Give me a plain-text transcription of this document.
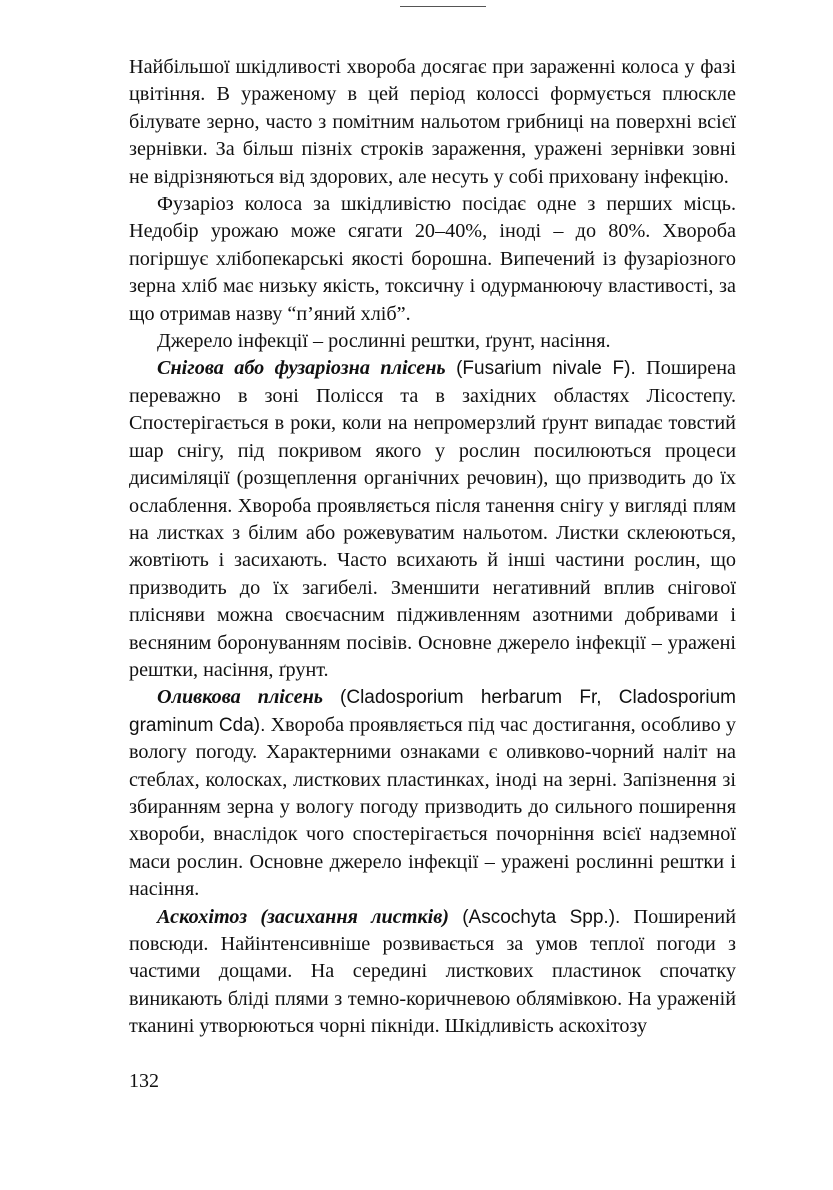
Найбільшої шкідливості хвороба досягає при зараженні колоса у фазі цвітіння. В ураженому в цей період колоссі формується плюскле білувате зерно, часто з помітним нальотом грибниці на поверхні всієї зернівки. За більш пізніх строків зараження, уражені зернівки зовні не відрізняються від здорових, але несуть у собі приховану інфекцію.

Фузаріоз колоса за шкідливістю посідає одне з перших місць. Недобір урожаю може сягати 20–40%, іноді – до 80%. Хвороба погіршує хлібопекарські якості борошна. Випечений із фузаріозного зерна хліб має низьку якість, токсичну і одурманюючу властивості, за що отримав назву “п’яний хліб”.

Джерело інфекції – рослинні рештки, ґрунт, насіння.

Снігова або фузаріозна плісень (Fusarium nivale F). Поширена переважно в зоні Полісся та в західних областях Лісостепу. Спостерігається в роки, коли на непромерзлий ґрунт випадає товстий шар снігу, під покривом якого у рослин посилюються процеси дисиміляції (розщеплення органічних речовин), що призводить до їх ослаблення. Хвороба проявляється після танення снігу у вигляді плям на листках з білим або рожевуватим нальотом. Листки склеюються, жовтіють і засихають. Часто всихають й інші частини рослин, що призводить до їх загибелі. Зменшити негативний вплив снігової плісняви можна своєчасним підживленням азотними добривами і весняним боронуванням посівів. Основне джерело інфекції – уражені рештки, насіння, ґрунт.

Оливкова плісень (Cladosporium herbarum Fr, Cladosporium graminum Cda). Хвороба проявляється під час достигання, особливо у вологу погоду. Характерними ознаками є оливково-чорний наліт на стеблах, колосках, листкових пластинках, іноді на зерні. Запізнення зі збиранням зерна у вологу погоду призводить до сильного поширення хвороби, внаслідок чого спостерігається почорніння всієї надземної маси рослин. Основне джерело інфекції – уражені рослинні рештки і насіння.

Аскохітоз (засихання листків) (Ascochyta Spp.). Поширений повсюди. Найінтенсивніше розвивається за умов теплої погоди з частими дощами. На середині листкових пластинок спочатку виникають бліді плями з темно-коричневою облямівкою. На ураженій тканині утворюються чорні пікніди. Шкідливість аскохітозу

132
